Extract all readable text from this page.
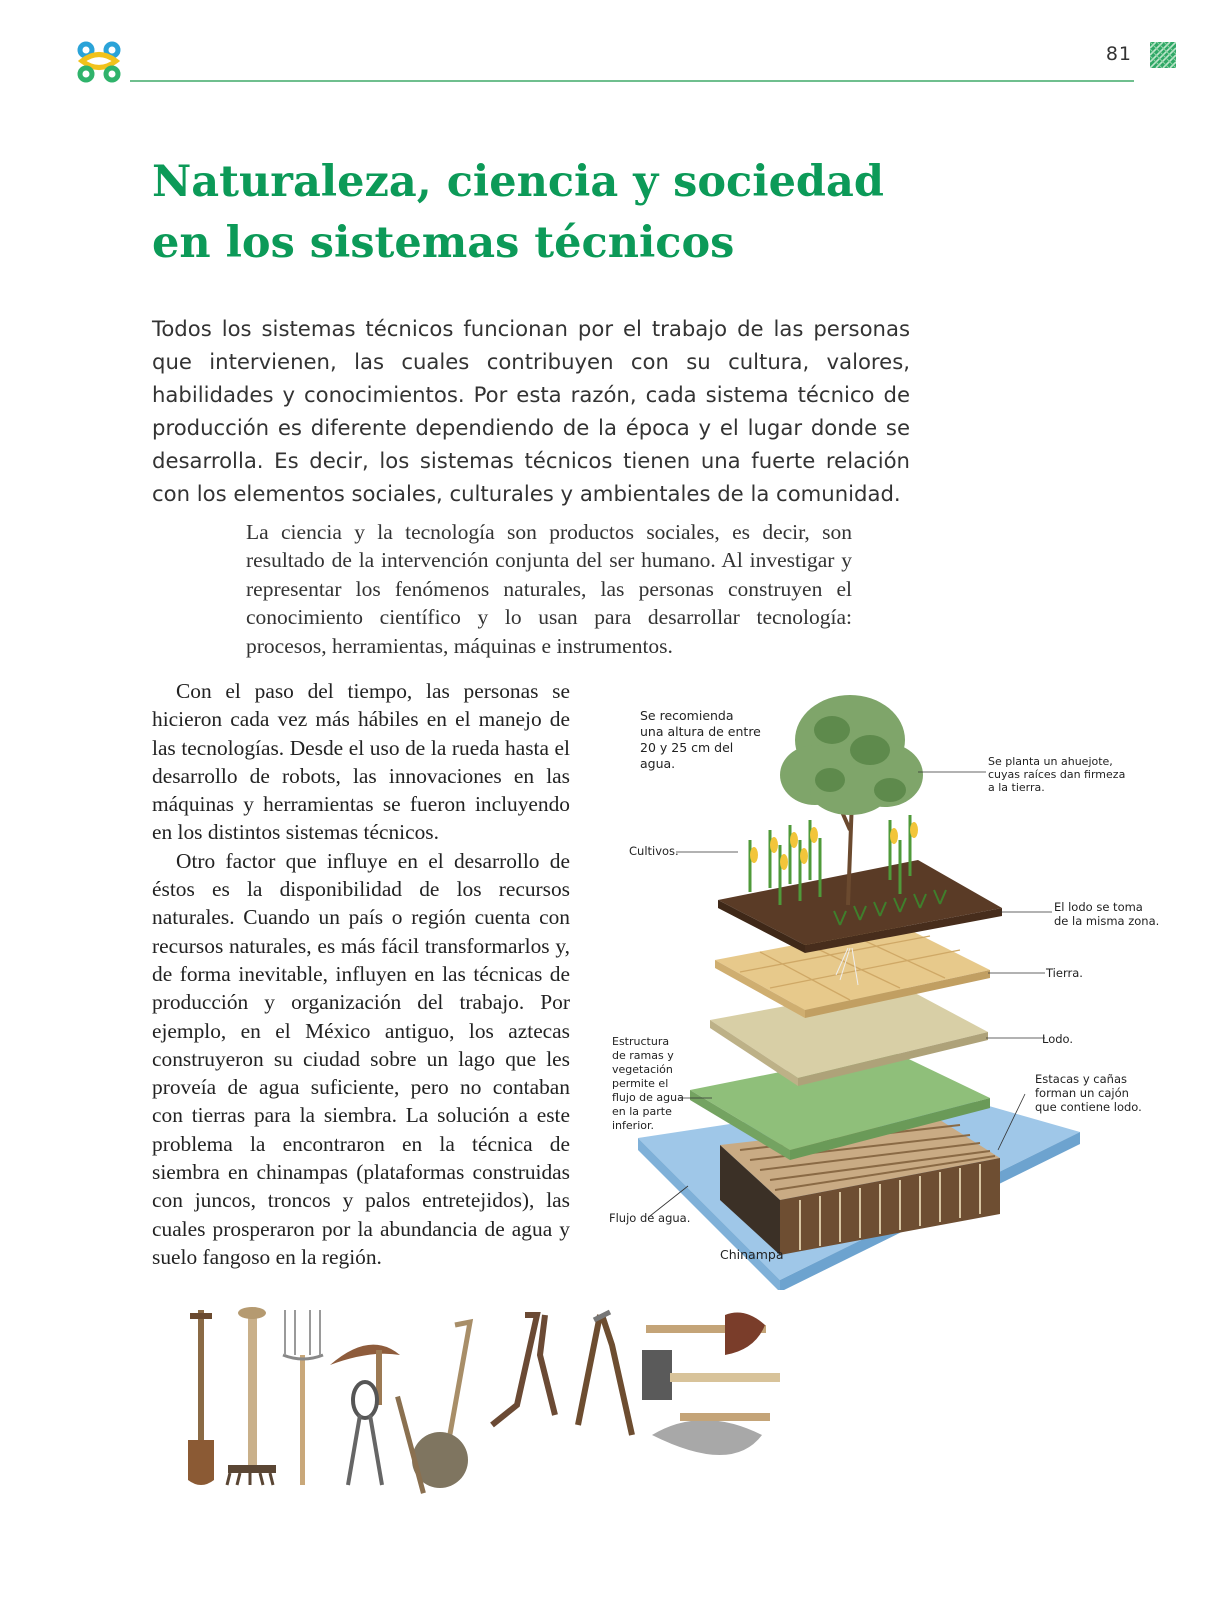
81
Naturaleza, ciencia y sociedad
en los sistemas técnicos

Todos los sistemas técnicos funcionan por el trabajo de las personas que intervienen, las cuales contribuyen con su cultura, valores, habilidades y conocimientos. Por esta razón, cada sistema técnico de producción es diferente dependiendo de la época y el lugar donde se desarrolla. Es decir, los sistemas técnicos tienen una fuerte relación con los elementos sociales, culturales y ambientales de la comunidad.

La ciencia y la tecnología son productos sociales, es decir, son resultado de la intervención conjunta del ser humano. Al investigar y representar los fenómenos naturales, las personas construyen el conocimiento científico y lo usan para desarrollar tecnología: procesos, herramientas, máquinas e instrumentos.

Con el paso del tiempo, las personas se hicieron cada vez más hábiles en el manejo de las tecnologías. Desde el uso de la rueda hasta el desarrollo de robots, las innovaciones en las máquinas y herramientas se fueron incluyendo en los distintos sistemas técnicos.

Otro factor que influye en el desarrollo de éstos es la disponibilidad de los recursos naturales. Cuando un país o región cuenta con recursos naturales, es más fácil transformarlos y, de forma inevitable, influyen en las técnicas de producción y organización del trabajo. Por ejemplo, en el México antiguo, los aztecas construyeron su ciudad sobre un lago que les proveía de agua suficiente, pero no contaban con tierras para la siembra. La solución a este problema la encontraron en la técnica de siembra en chinampas (plataformas construidas con juncos, troncos y palos entretejidos), las cuales prosperaron por la abundancia de agua y suelo fangoso en la región.

Se recomienda
una altura de entre
20 y 25 cm del
agua.	Se planta un ahuejote,
cuyas raíces dan firmeza
a la tierra.
Cultivos.
El lodo se toma
de la misma zona.
Tierra.
Lodo.
Estructura
de ramas y
vegetación
permite el
flujo de agua
en la parte
inferior.
Estacas y cañas
forman un cajón
que contiene lodo.
Flujo de agua.
Chinampa
